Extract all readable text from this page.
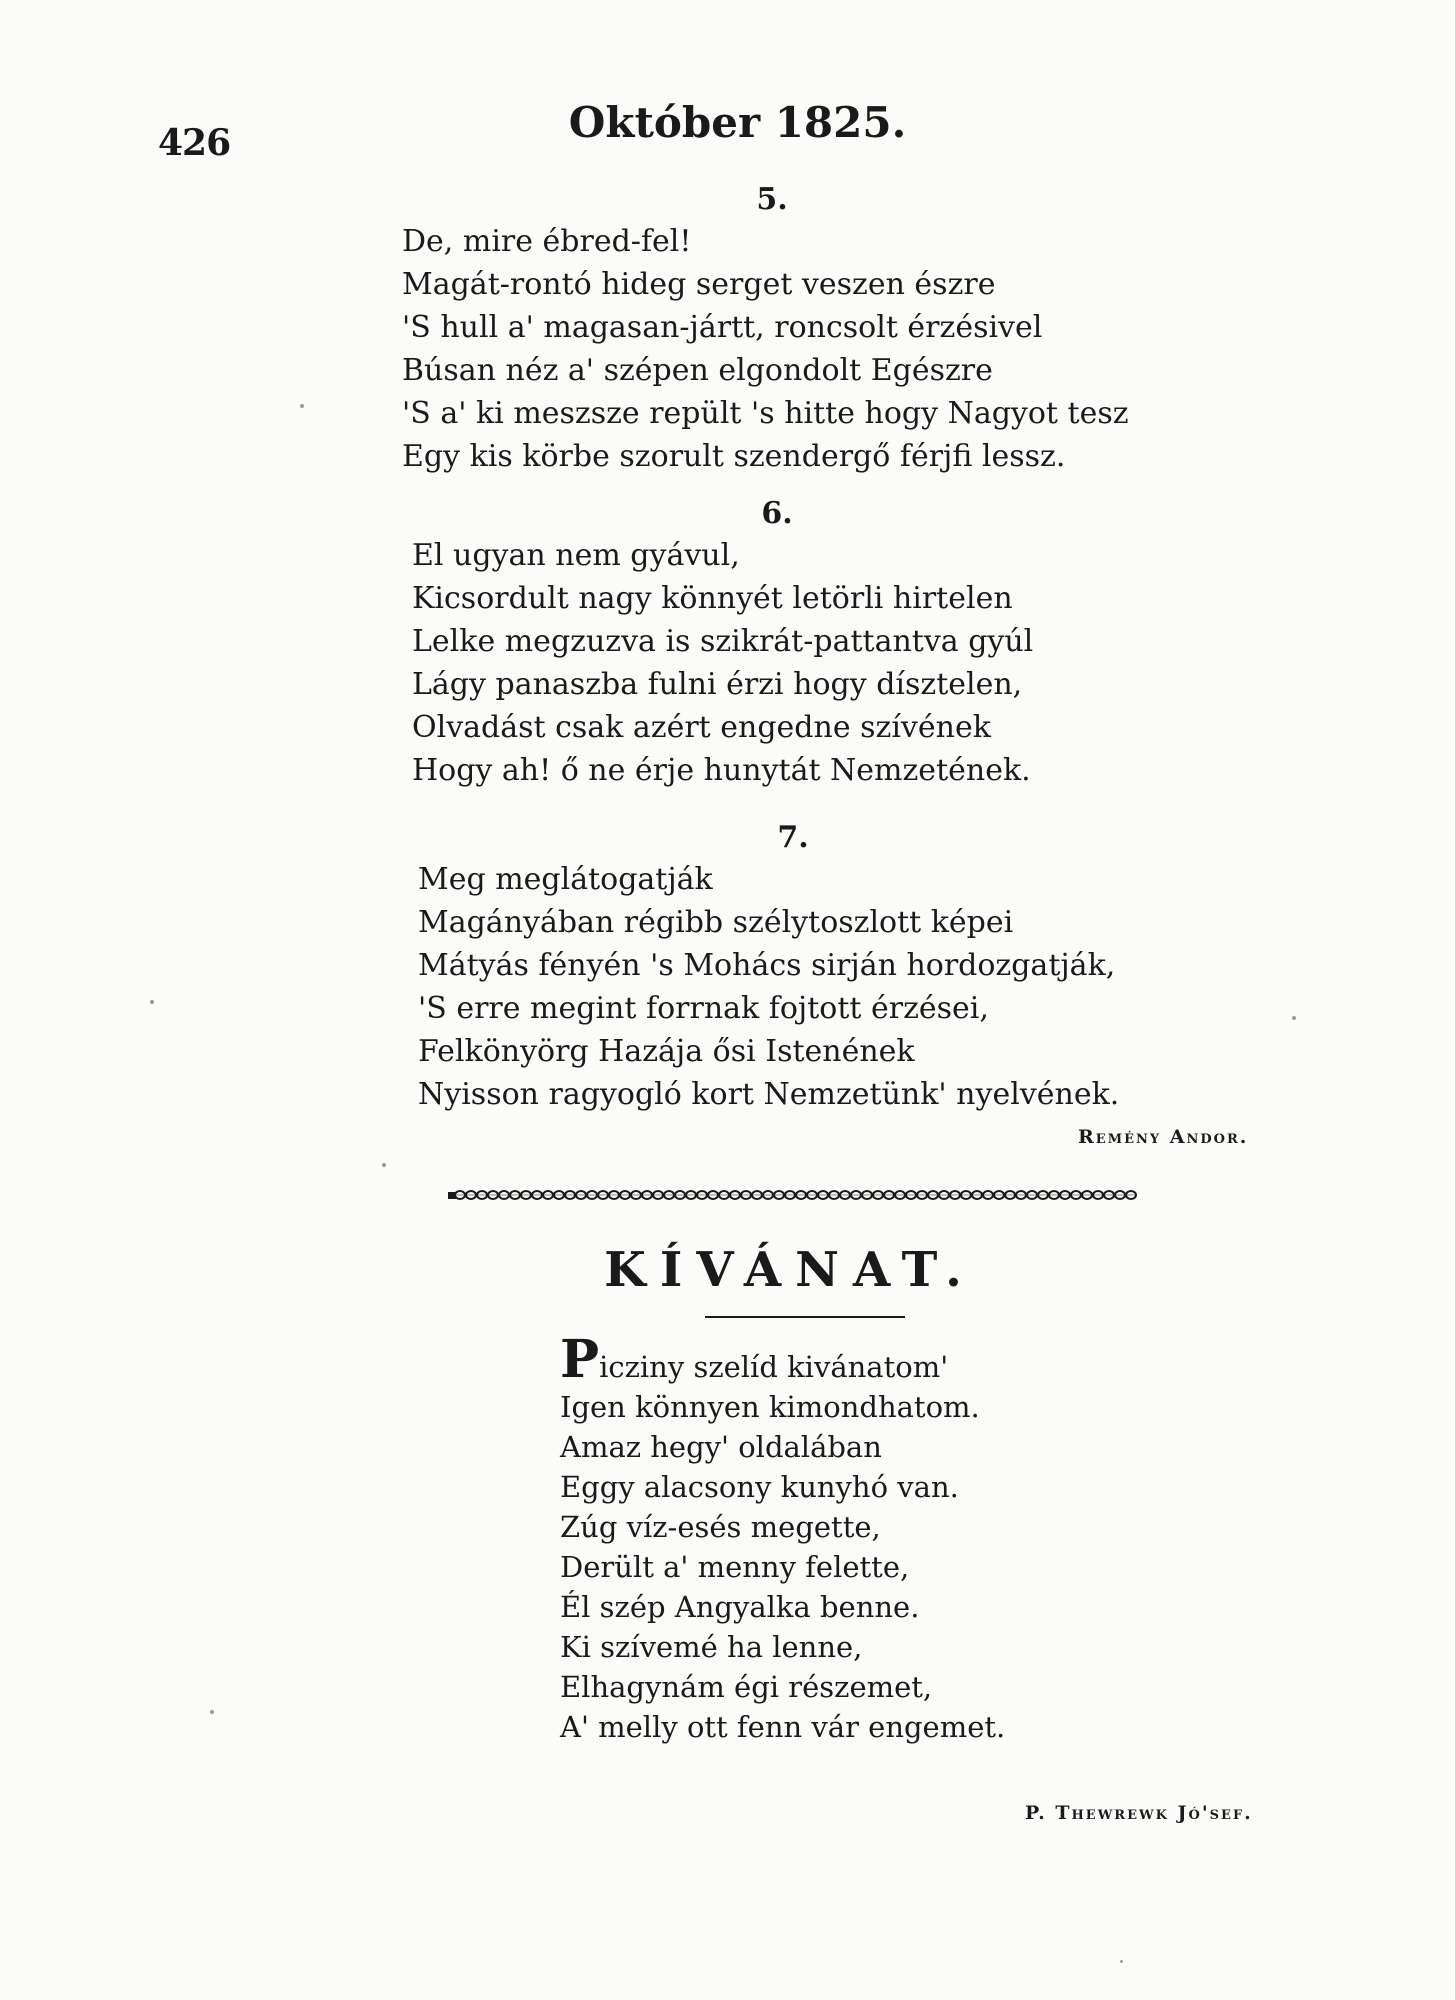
426	Október 1825.
5.
De, mire ébred-fel!
Magát-rontó hideg serget veszen észre
'S hull a' magasan-jártt, roncsolt érzésivel
Búsan néz a' szépen elgondolt Egészre
'S a' ki meszsze repült 's hitte hogy Nagyot tesz
Egy kis körbe szorult szendergő férjfi lessz.
6.
El ugyan nem gyávul,
Kicsordult nagy könnyét letörli hirtelen
Lelke megzuzva is szikrát-pattantva gyúl
Lágy panaszba fulni érzi hogy dísztelen,
Olvadást csak azért engedne szívének
Hogy ah! ő ne érje hunytát Nemzetének.
7.
Meg meglátogatják
Magányában régibb szélytoszlott képei
Mátyás fényén 's Mohács sirján hordozgatják,
'S erre megint forrnak fojtott érzései,
Felkönyörg Hazája ősi Istenének
Nyisson ragyogló kort Nemzetünk' nyelvének.
Remény Andor.
KÍVÁNAT.
Picziny szelíd kivánatom'
Igen könnyen kimondhatom.
Amaz hegy' oldalában
Eggy alacsony kunyhó van.
Zúg víz-esés megette,
Derült a' menny felette,
Él szép Angyalka benne.
Ki szívemé ha lenne,
Elhagynám égi részemet,
A' melly ott fenn vár engemet.
P. Thewrewk Jó'sef.
